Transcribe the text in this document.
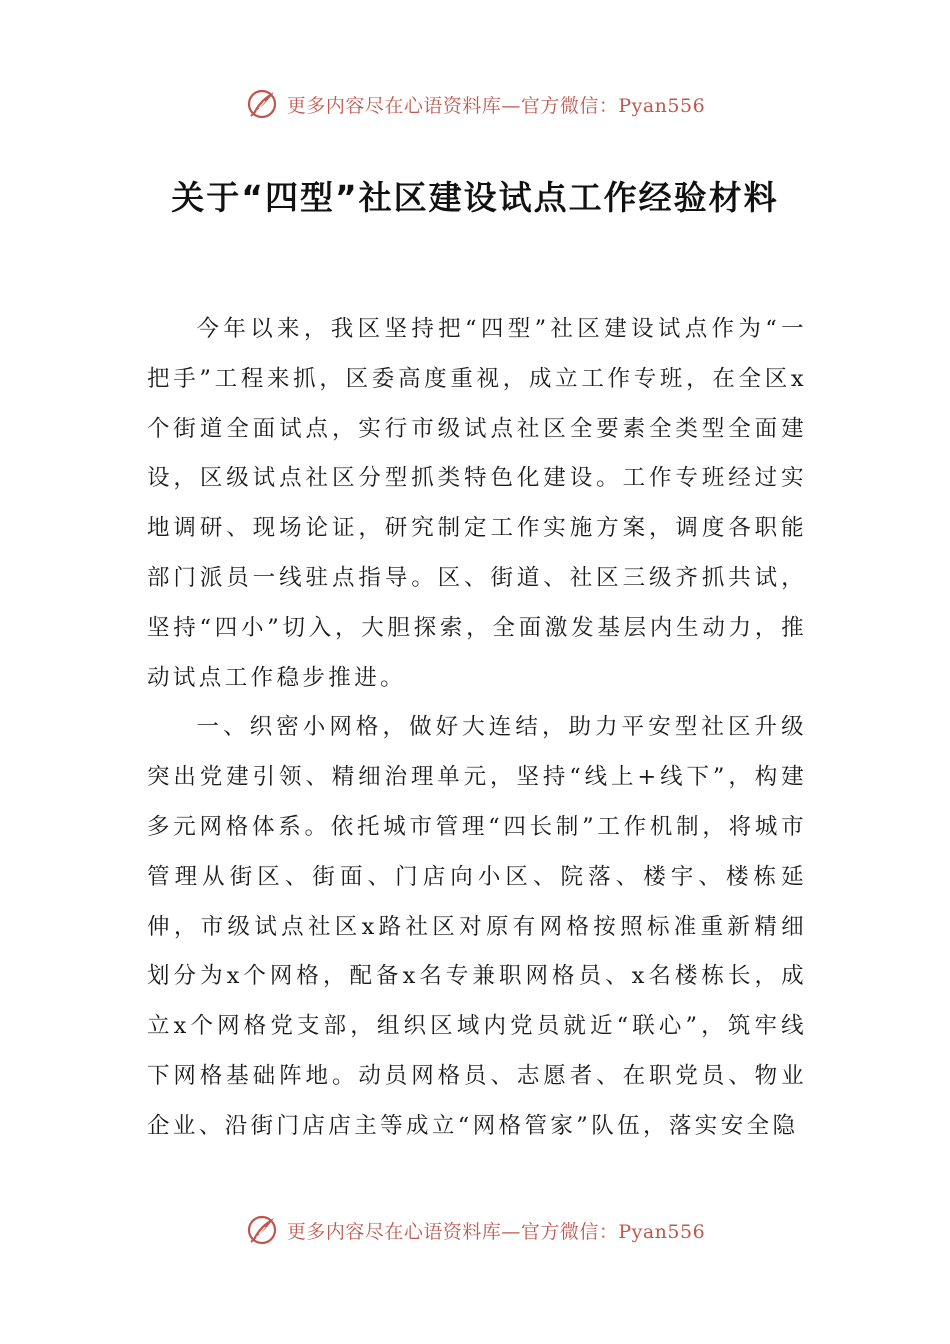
更多内容尽在心语资料库—官方微信：Pyan556
关于“四型”社区建设试点工作经验材料

今年以来，我区坚持把“四型”社区建设试点作为“一把手”工程来抓，区委高度重视，成立工作专班，在全区x个街道全面试点，实行市级试点社区全要素全类型全面建设，区级试点社区分型抓类特色化建设。工作专班经过实地调研、现场论证，研究制定工作实施方案，调度各职能部门派员一线驻点指导。区、街道、社区三级齐抓共试，坚持“四小”切入，大胆探索，全面激发基层内生动力，推动试点工作稳步推进。

一、织密小网格，做好大连结，助力平安型社区升级突出党建引领、精细治理单元，坚持“线上+线下”，构建多元网格体系。依托城市管理“四长制”工作机制，将城市管理从街区、街面、门店向小区、院落、楼宇、楼栋延伸，市级试点社区x路社区对原有网格按照标准重新精细划分为x个网格，配备x名专兼职网格员、x名楼栋长，成立x个网格党支部，组织区域内党员就近“联心”，筑牢线下网格基础阵地。动员网格员、志愿者、在职党员、物业企业、沿街门店店主等成立“网格管家”队伍，落实安全隐

更多内容尽在心语资料库—官方微信：Pyan556
